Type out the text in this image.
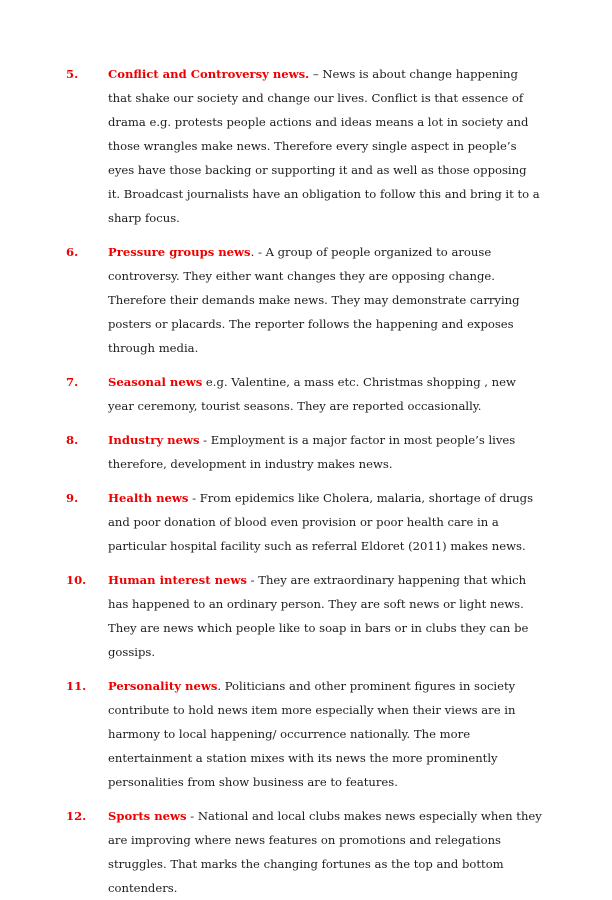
5.	Conflict and Controversy news. – News is about change happening that shake our society and change our lives. Conflict is that essence of drama e.g. protests people actions and ideas means a lot in society and those wrangles make news. Therefore every single aspect in people’s eyes have those backing or supporting it and as well as those opposing it. Broadcast journalists have an obligation to follow this and bring it to a sharp focus.
6.	Pressure groups news. - A group of people organized to arouse controversy. They either want changes they are opposing change. Therefore their demands make news. They may demonstrate carrying posters or placards. The reporter follows the happening and exposes through media.
7.	Seasonal news e.g. Valentine, a mass etc. Christmas shopping , new year ceremony, tourist seasons. They are reported occasionally.
8.	Industry news - Employment is a major factor in most people’s lives therefore, development in industry makes news.
9.	Health news - From epidemics like Cholera, malaria, shortage of drugs and poor donation of blood even provision or poor health care in a particular hospital facility such as referral Eldoret (2011) makes news.
10.	Human interest news - They are extraordinary happening that which has happened to an ordinary person. They are soft news or light news. They are news which people like to soap in bars or in clubs they can be gossips.
11.	Personality news. Politicians and other prominent figures in society contribute to hold news item more especially when their views are in harmony to local happening/ occurrence nationally. The more entertainment a station mixes with its news the more prominently personalities from show business are to features.
12.	Sports news - National and local clubs makes news especially when they are improving where news features on promotions and relegations struggles. That marks the changing fortunes as the top and bottom contenders.
